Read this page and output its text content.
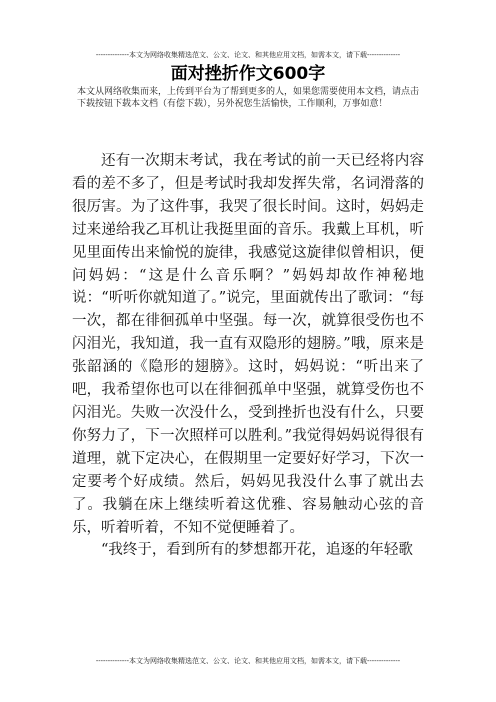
--------------本文为网络收集精选范文、公文、论文、和其他应用文档，如需本文，请下载--------------
面对挫折作文600字
本文从网络收集而来，上传到平台为了帮到更多的人，如果您需要使用本文档，请点击下载按钮下载本文档（有偿下载），另外祝您生活愉快，工作顺利，万事如意！

还有一次期末考试，我在考试的前一天已经将内容看的差不多了，但是考试时我却发挥失常，名词滑落的很厉害。为了这件事，我哭了很长时间。这时，妈妈走过来递给我乙耳机让我挺里面的音乐。我戴上耳机，听见里面传出来愉悦的旋律，我感觉这旋律似曾相识，便问妈妈：“这是什么音乐啊？”妈妈却故作神秘地说：“听听你就知道了。”说完，里面就传出了歌词：“每一次，都在徘徊孤单中坚强。每一次，就算很受伤也不闪泪光，我知道，我一直有双隐形的翅膀。”哦，原来是张韶涵的《隐形的翅膀》。这时，妈妈说：“听出来了吧，我希望你也可以在徘徊孤单中坚强，就算受伤也不闪泪光。失败一次没什么，受到挫折也没有什么，只要你努力了，下一次照样可以胜利。”我觉得妈妈说得很有道理，就下定决心，在假期里一定要好好学习，下次一定要考个好成绩。然后，妈妈见我没什么事了就出去了。我躺在床上继续听着这优雅、容易触动心弦的音乐，听着听着，不知不觉便睡着了。

“我终于，看到所有的梦想都开花，追逐的年轻歌

--------------本文为网络收集精选范文、公文、论文、和其他应用文档，如需本文，请下载--------------
